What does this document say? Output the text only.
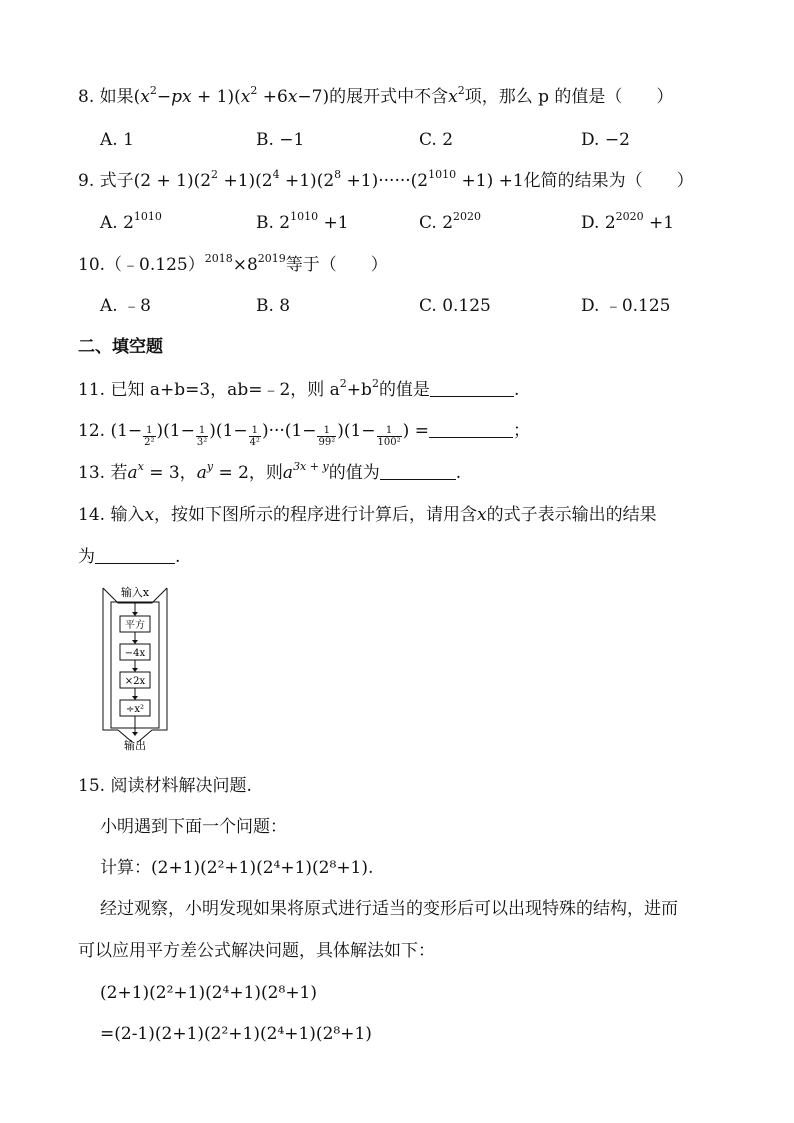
8. 如果$(x^2-px + 1)(x^2 +6x-7)$的展开式中不含$x^2$项，那么 p 的值是（　　）
A. 1	B. −1	C. 2	D. −2
9. 式子$(2 + 1)(2^2 +1)(2^4 +1)(2^8 +1)\cdot\cdot\cdot\cdot\cdot\cdot(2^{1010} +1) +1$化简的结果为（　　）
A. $2^{1010}$	B. $2^{1010} +1$	C. $2^{2020}$	D. $2^{2020} +1$
$10.(﹣0.125)^{2018}\times 8^{2019}$等于（　　）
A. ﹣8	B. 8	C. 0.125	D. ﹣0.125
二、填空题
11. 已知 a+b=3，ab=﹣2，则 $a^2+b^2$的值是	.
12. $(1- \frac{1}{\text{2²}} )(1- \frac{1}{\text{3²}} )(1- \frac{1}{\text{4²}} )\cdot\cdot\cdot(1- \frac{1}{\text{99²}} )(1- \frac{1}{\text{100²}}$ ) =	；
13. 若$a^x = 3$，$a^y = 2$，则$a^{3x + y}$的值为	.
14. 输入x，按如下图所示的程序进行计算后，请用含x的式子表示输出的结果
为	.
输入x
平方
−4x
×2x
÷x²
输出
15. 阅读材料解决问题.
小明遇到下面一个问题：
计算：(2+1)(2²+1)(2⁴+1)(2⁸+1).
经过观察，小明发现如果将原式进行适当的变形后可以出现特殊的结构，进而
可以应用平方差公式解决问题，具体解法如下：
(2+1)(2²+1)(2⁴+1)(2⁸+1)
=(2-1)(2+1)(2²+1)(2⁴+1)(2⁸+1)
